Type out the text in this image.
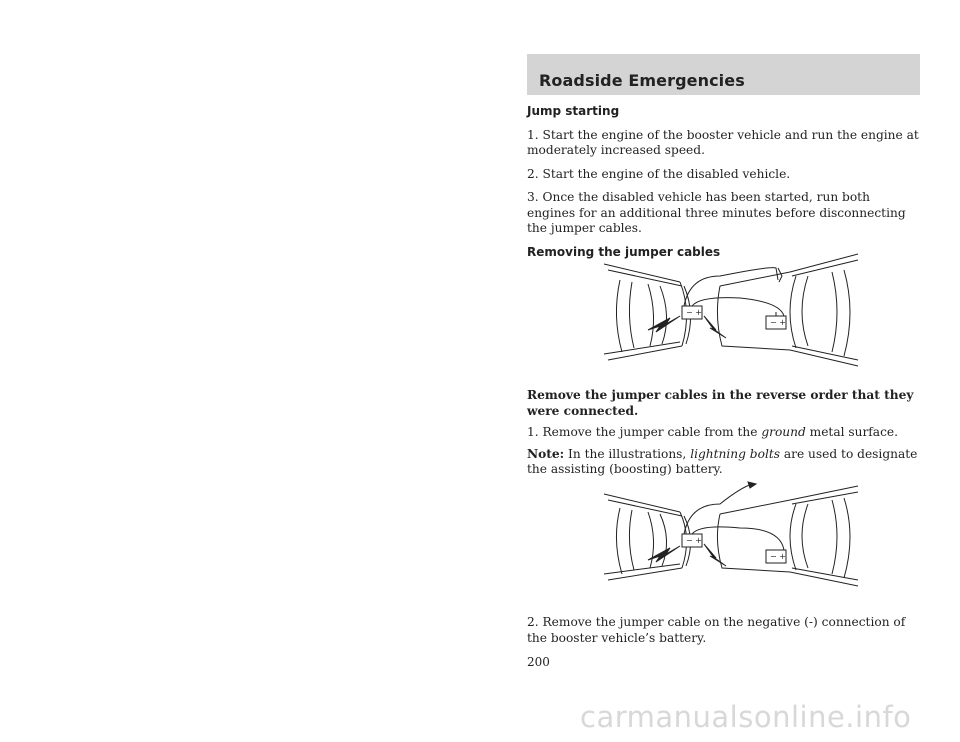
Roadside Emergencies
Jump starting

1. Start the engine of the booster vehicle and run the engine at moderately increased speed.

2. Start the engine of the disabled vehicle.

3. Once the disabled vehicle has been started, run both engines for an additional three minutes before disconnecting the jumper cables.

Removing the jumper cables
− +
− +

Remove the jumper cables in the reverse order that they were connected.

1. Remove the jumper cable from the ground metal surface.

Note: In the illustrations, lightning bolts are used to designate the assisting (boosting) battery.

− +
− +
2. Remove the jumper cable on the negative (-) connection of the booster vehicle’s battery.
200
carmanualsonline.info
